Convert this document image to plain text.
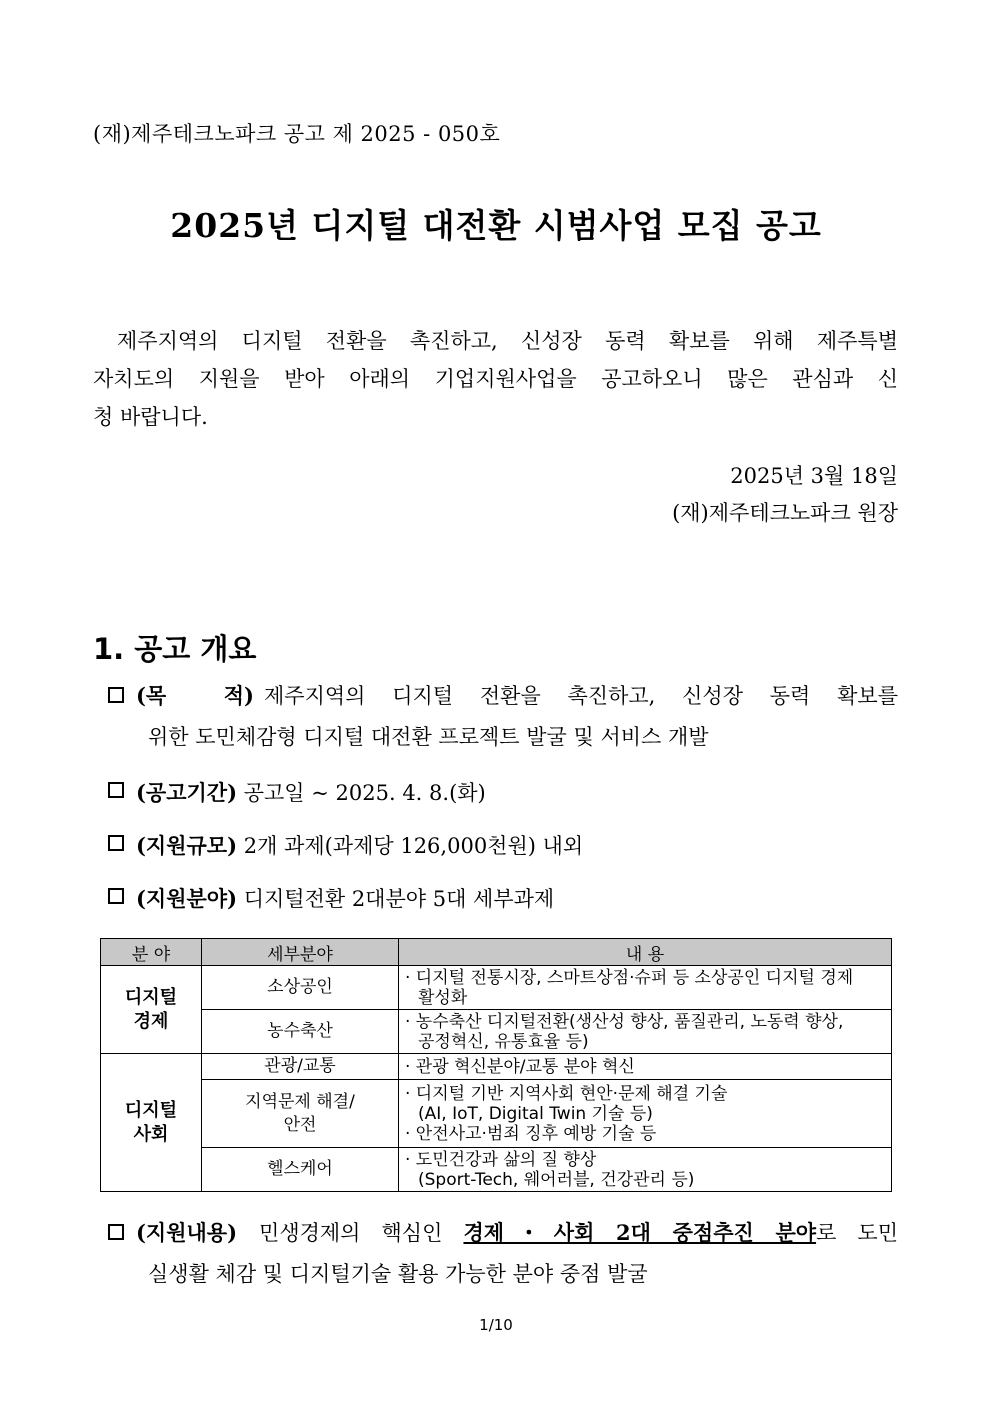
(재)제주테크노파크 공고 제 2025 - 050호
2025년 디지털 대전환 시범사업 모집 공고
제주지역의 디지털 전환을 촉진하고, 신성장 동력 확보를 위해 제주특별
자치도의 지원을 받아 아래의 기업지원사업을 공고하오니 많은 관심과 신
청 바랍니다.
2025년 3월 18일
(재)제주테크노파크 원장
1. 공고 개요
(목 적) 제주지역의 디지털 전환을 촉진하고, 신성장 동력 확보를
위한 도민체감형 디지털 대전환 프로젝트 발굴 및 서비스 개발
(공고기간) 공고일 ~ 2025. 4. 8.(화)
(지원규모) 2개 과제(과제당 126,000천원) 내외
(지원분야) 디지털전환 2대분야 5대 세부과제
분 야	세부분야	내 용
디지털 경제	소상공인	· 디지털 전통시장, 스마트상점·슈퍼 등 소상공인 디지털 경제
활성화

	농수축산	· 농수축산 디지털전환(생산성 향상, 품질관리, 노동력 향상,
공정혁신, 유통효율 등)

디지털 사회	관광/교통	· 관광 혁신분야/교통 분야 혁신

	지역문제 해결/안전	· 디지털 기반 지역사회 현안·문제 해결 기술
(AI, IoT, Digital Twin 기술 등)
· 안전사고·범죄 징후 예방 기술 등

	헬스케어	· 도민건강과 삶의 질 향상
(Sport-Tech, 웨어러블, 건강관리 등)
(지원내용) 민생경제의 핵심인 경제・사회 2대 중점추진 분야로 도민
실생활 체감 및 디지털기술 활용 가능한 분야 중점 발굴
1/10
